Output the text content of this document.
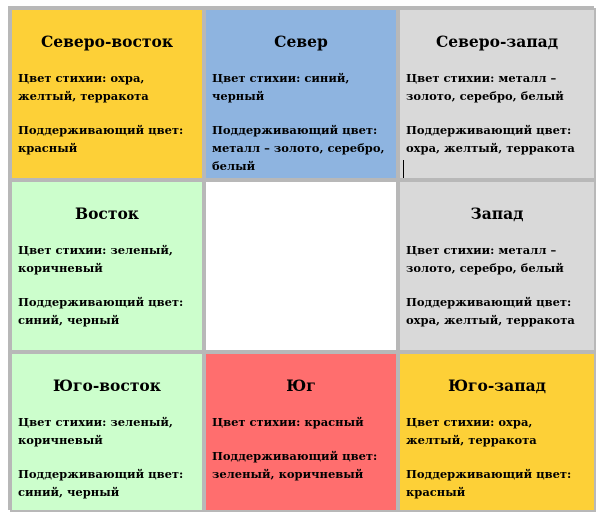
Северо-восток

Цвет стихии: охра, желтый, терракота

Поддерживающий цвет: красный

Север

Цвет стихии: синий, черный

Поддерживающий цвет: металл – золото, серебро, белый

Северо-запад

Цвет стихии: металл – золото, серебро, белый

Поддерживающий цвет: охра, желтый, терракота

Восток

Цвет стихии: зеленый, коричневый

Поддерживающий цвет: синий, черный

Запад

Цвет стихии: металл – золото, серебро, белый

Поддерживающий цвет: охра, желтый, терракота

Юго-восток

Цвет стихии: зеленый, коричневый

Поддерживающий цвет: синий, черный

Юг

Цвет стихии: красный

Поддерживающий цвет: зеленый, коричневый

Юго-запад

Цвет стихии: охра, желтый, терракота

Поддерживающий цвет: красный
